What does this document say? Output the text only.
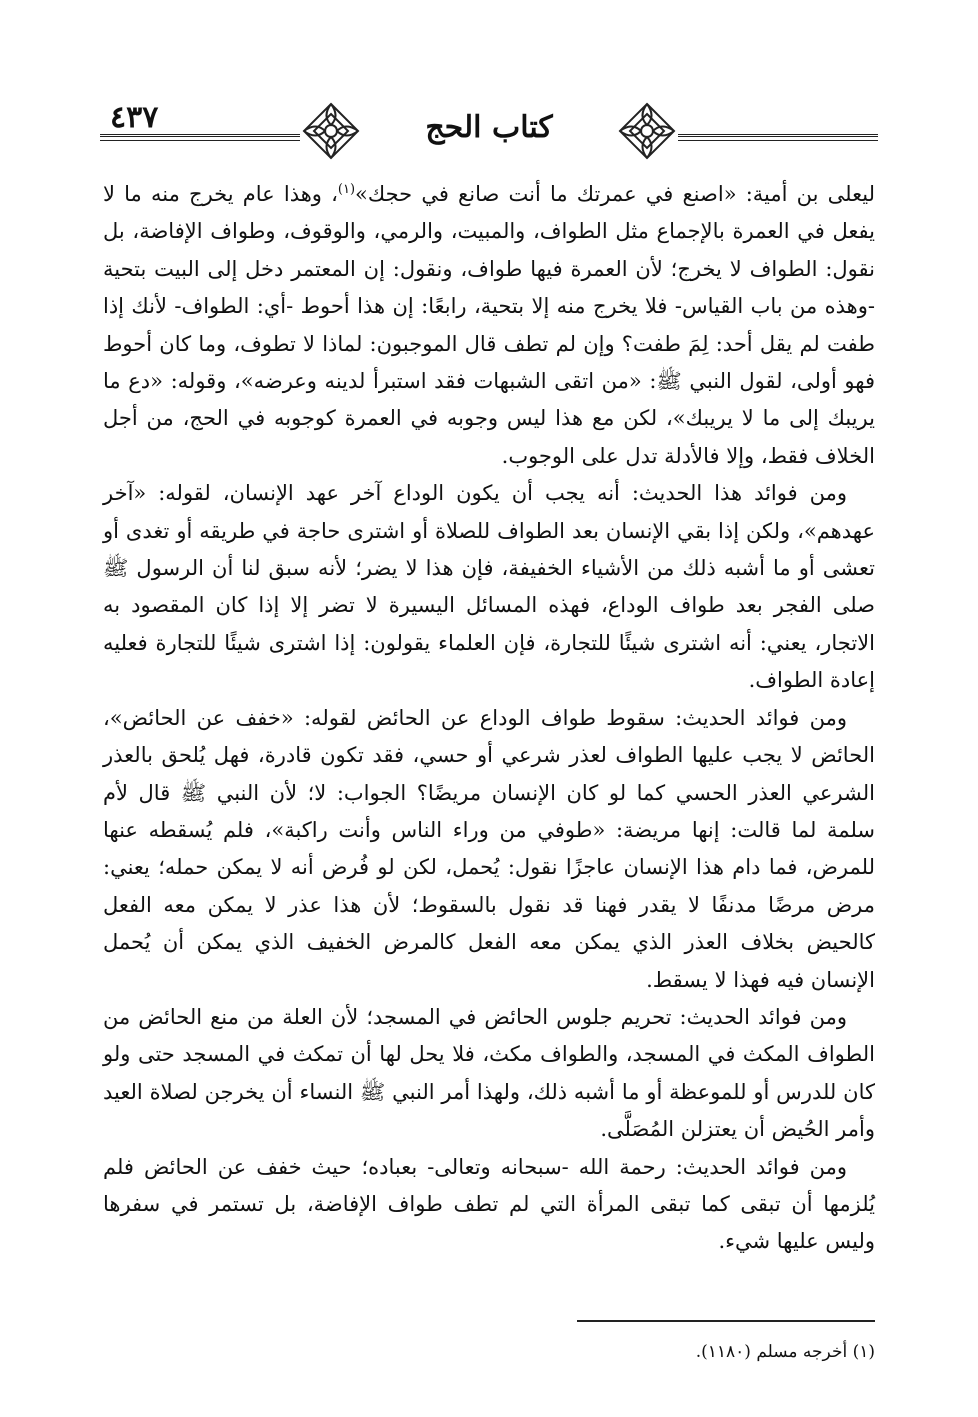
كتاب الحج
٤٣٧

ليعلى بن أمية: «اصنع في عمرتك ما أنت صانع في حجك»$^{(١)}$، وهذا عام يخرج منه ما لا يفعل في العمرة بالإجماع مثل الطواف، والمبيت، والرمي، والوقوف، وطواف الإفاضة، بل نقول: الطواف لا يخرج؛ لأن العمرة فيها طواف، ونقول: إن المعتمر دخل إلى البيت بتحية -وهذه من باب القياس- فلا يخرج منه إلا بتحية، رابعًا: إن هذا أحوط -أي: الطواف- لأنك إذا طفت لم يقل أحد: لِمَ طفت؟ وإن لم تطف قال الموجبون: لماذا لا تطوف، وما كان أحوط فهو أولى، لقول النبي ﷺ: «من اتقى الشبهات فقد استبرأ لدينه وعرضه»، وقوله: «دع ما يريبك إلى ما لا يريبك»، لكن مع هذا ليس وجوبه في العمرة كوجوبه في الحج، من أجل الخلاف فقط، وإلا فالأدلة تدل على الوجوب.

ومن فوائد هذا الحديث: أنه يجب أن يكون الوداع آخر عهد الإنسان، لقوله: «آخر عهدهم»، ولكن إذا بقي الإنسان بعد الطواف للصلاة أو اشترى حاجة في طريقه أو تغدى أو تعشى أو ما أشبه ذلك من الأشياء الخفيفة، فإن هذا لا يضر؛ لأنه سبق لنا أن الرسول ﷺ صلى الفجر بعد طواف الوداع، فهذه المسائل اليسيرة لا تضر إلا إذا كان المقصود به الاتجار، يعني: أنه اشترى شيئًا للتجارة، فإن العلماء يقولون: إذا اشترى شيئًا للتجارة فعليه إعادة الطواف.

ومن فوائد الحديث: سقوط طواف الوداع عن الحائض لقوله: «خفف عن الحائض»، الحائض لا يجب عليها الطواف لعذر شرعي أو حسي، فقد تكون قادرة، فهل يُلحق بالعذر الشرعي العذر الحسي كما لو كان الإنسان مريضًا؟ الجواب: لا؛ لأن النبي ﷺ قال لأم سلمة لما قالت: إنها مريضة: «طوفي من وراء الناس وأنت راكبة»، فلم يُسقطه عنها للمرض، فما دام هذا الإنسان عاجزًا نقول: يُحمل، لكن لو فُرض أنه لا يمكن حمله؛ يعني: مرض مرضًا مدنفًا لا يقدر فهنا قد نقول بالسقوط؛ لأن هذا عذر لا يمكن معه الفعل كالحيض بخلاف العذر الذي يمكن معه الفعل كالمرض الخفيف الذي يمكن أن يُحمل الإنسان فيه فهذا لا يسقط.

ومن فوائد الحديث: تحريم جلوس الحائض في المسجد؛ لأن العلة من منع الحائض من الطواف المكث في المسجد، والطواف مكث، فلا يحل لها أن تمكث في المسجد حتى ولو كان للدرس أو للموعظة أو ما أشبه ذلك، ولهذا أمر النبي ﷺ النساء أن يخرجن لصلاة العيد وأمر الحُيض أن يعتزلن المُصَلَّى.

ومن فوائد الحديث: رحمة الله -سبحانه وتعالى- بعباده؛ حيث خفف عن الحائض فلم يُلزمها أن تبقى كما تبقى المرأة التي لم تطف طواف الإفاضة، بل تستمر في سفرها وليس عليها شيء.

(١) أخرجه مسلم (١١٨٠).
